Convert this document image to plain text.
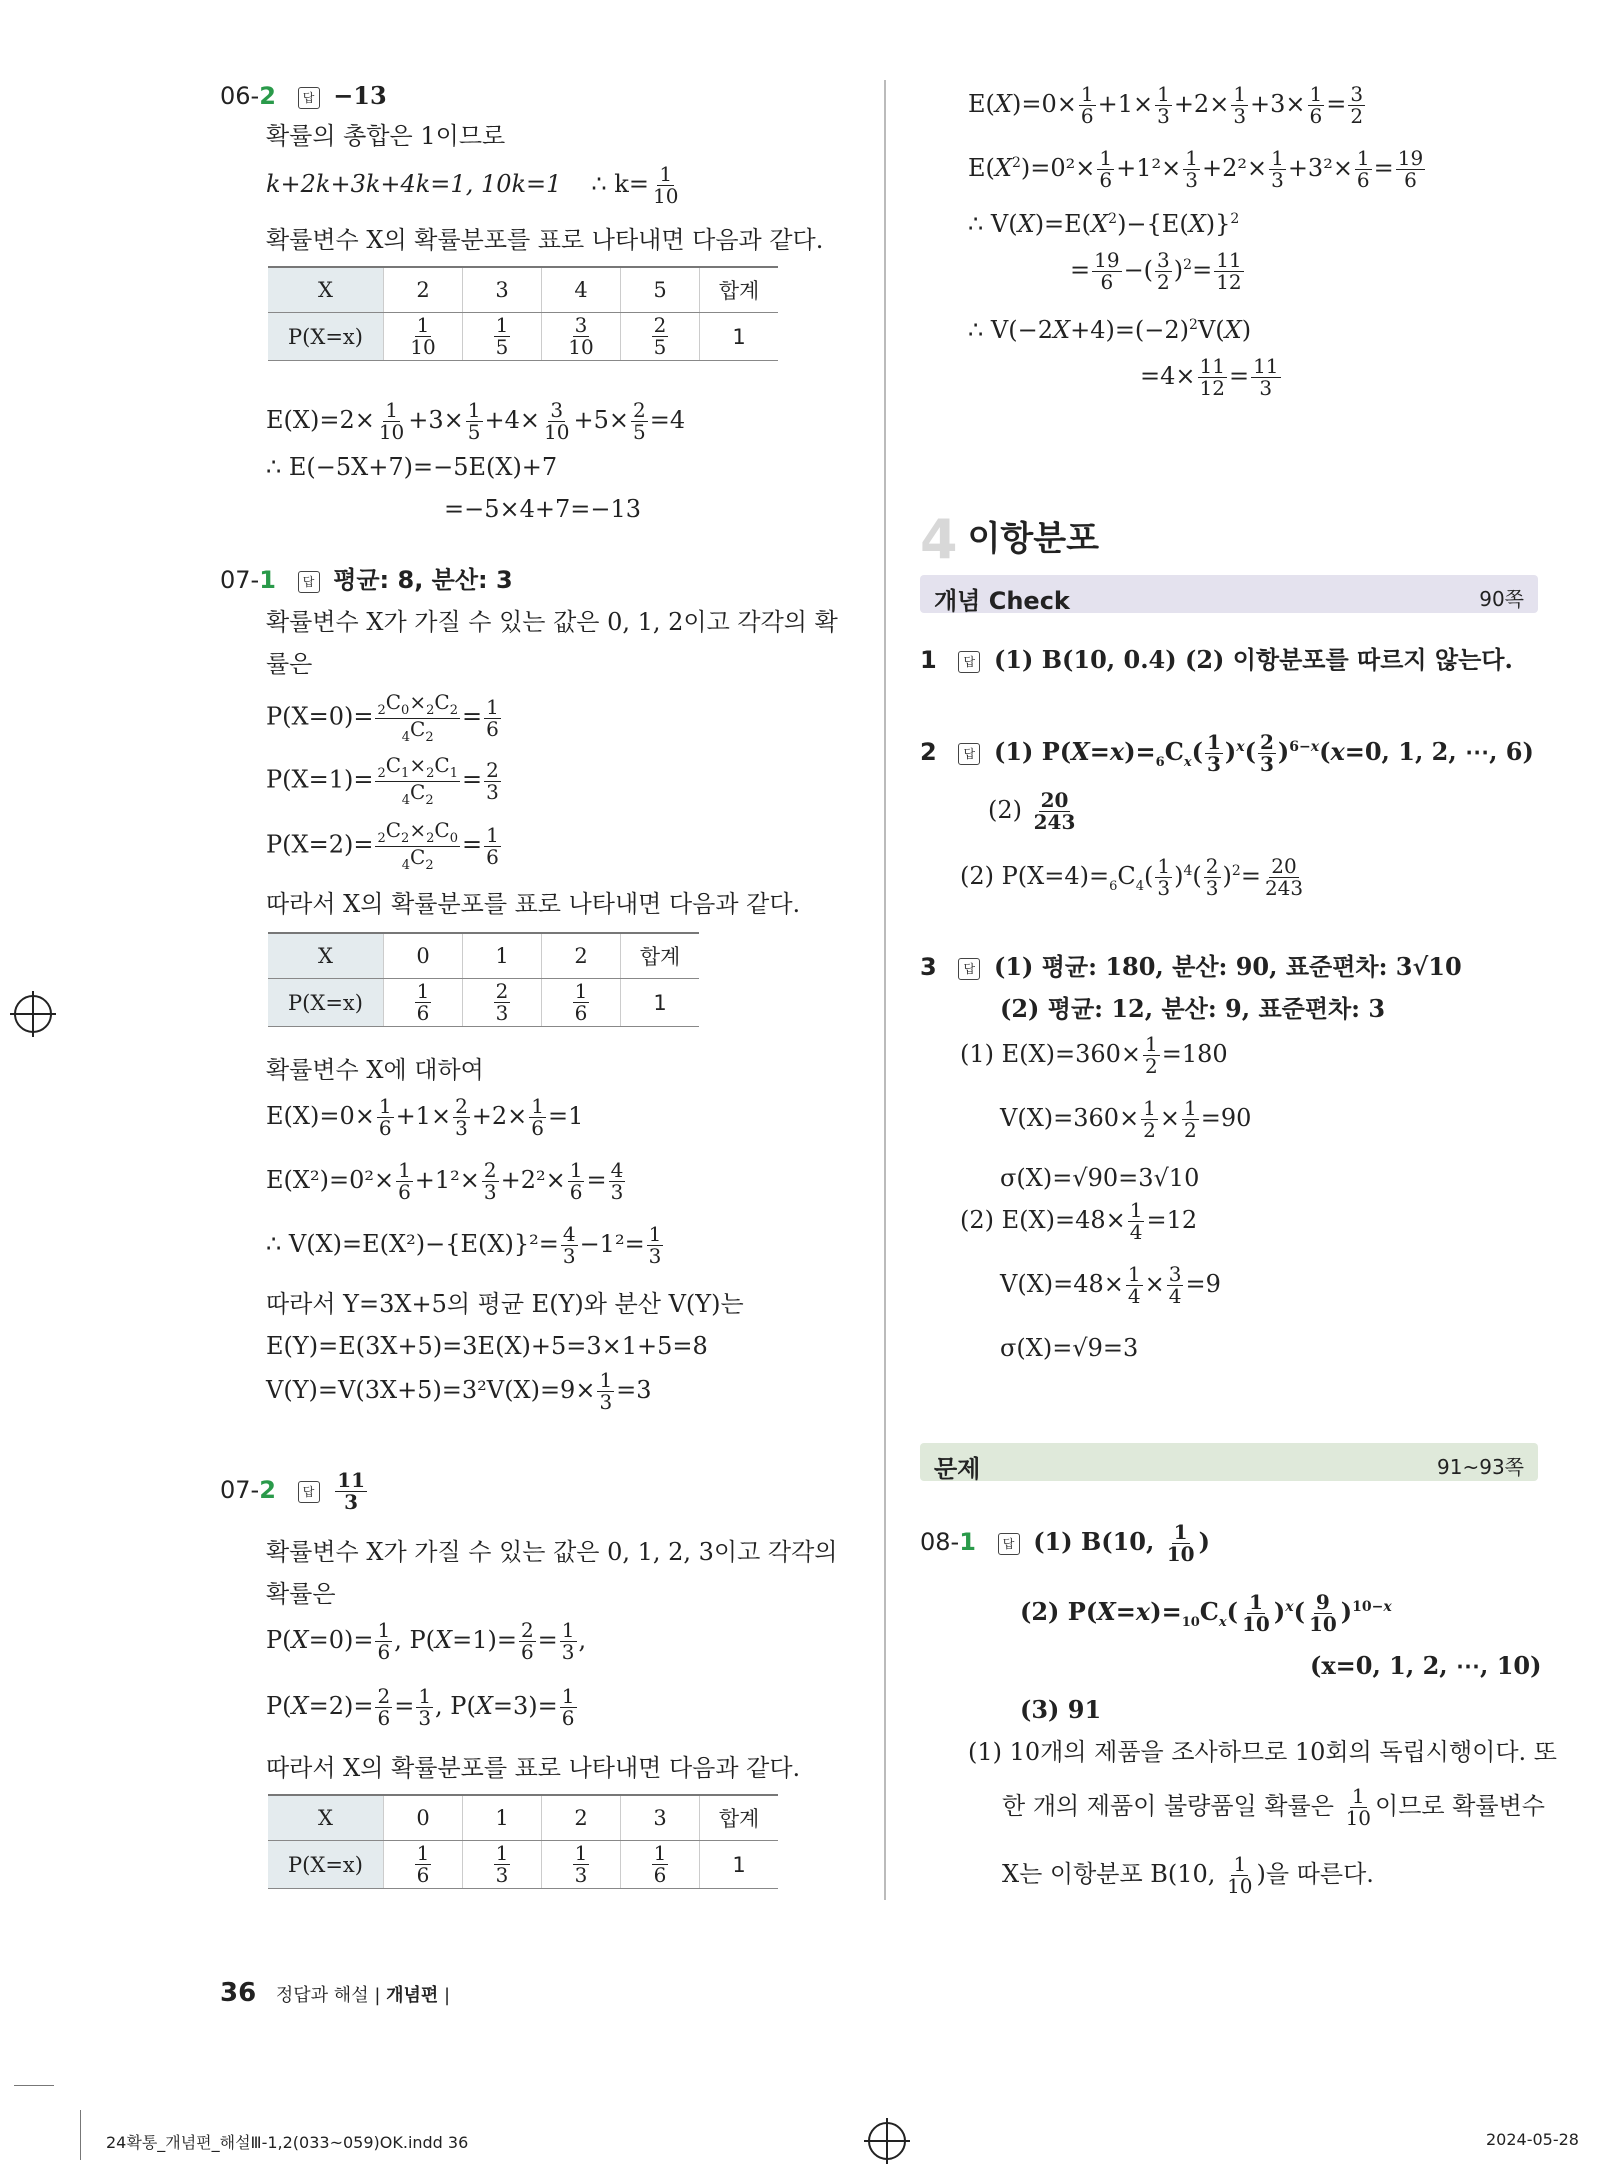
06-2 답 −13
확률의 총합은 1이므로
k+2k+3k+4k=1, 10k=1 ∴ $k= \frac{1}{10}$
확률변수 X의 확률분포를 표로 나타내면 다음과 같다.
X	2	3	4	5	합계
P(X=x)	$\frac{1}{10}$	$\frac{1}{5}$	$\frac{3}{10}$	$\frac{2}{5}$	1
$E(X)=2\times \frac{1}{10} +3\times \frac{1}{5} +4\times \frac{3}{10} +5\times \frac{2}{5} =4$
∴ E(−5X+7)=−5E(X)+7
=−5×4+7=−13
07-1 답 평균: 8, 분산: 3
확률변수 X가 가질 수 있는 값은 0, 1, 2이고 각각의 확
률은
$P(X=0)= \frac{_2C_0\times_2C_2}{_4C_2} = \frac{1}{6}$
$P(X=1)= \frac{_2C_1\times_2C_1}{_4C_2} = \frac{2}{3}$
$P(X=2)= \frac{_2C_2\times_2C_0}{_4C_2} = \frac{1}{6}$
따라서 X의 확률분포를 표로 나타내면 다음과 같다.
X	0	1	2	합계
P(X=x)	$\frac{1}{6}$	$\frac{2}{3}$	$\frac{1}{6}$	1
확률변수 X에 대하여
$E(X)=0\times \frac{1}{6} +1\times \frac{2}{3} +2\times \frac{1}{6} =1$
$E(X^2)=0^2\times \frac{1}{6} +1^2\times \frac{2}{3} +2^2\times \frac{1}{6} = \frac{4}{3}$
∴ $V(X)=E(X^2)-\{E(X)\}^2= \frac{4}{3} -1^2= \frac{1}{3}$
따라서 Y=3X+5의 평균 E(Y)와 분산 V(Y)는
E(Y)=E(3X+5)=3E(X)+5=3×1+5=8
$V(Y)=V(3X+5)=3^2V(X)=9\times \frac{1}{3} =3$
07-2 답 $\frac{11}{3}$
확률변수 X가 가질 수 있는 값은 0, 1, 2, 3이고 각각의
확률은
$P(X=0)= \frac{1}{6}$ , $P(X=1)= \frac{2}{6} = \frac{1}{3}$ ,
$P(X=2)= \frac{2}{6} = \frac{1}{3}$ , $P(X=3)= \frac{1}{6}$
따라서 X의 확률분포를 표로 나타내면 다음과 같다.
X	0	1	2	3	합계
P(X=x)	$\frac{1}{6}$	$\frac{1}{3}$	$\frac{1}{3}$	$\frac{1}{6}$	1
$E(X)=0\times \frac{1}{6} +1\times \frac{1}{3} +2\times \frac{1}{3} +3\times \frac{1}{6} = \frac{3}{2}$
$E(X^2)=0^2\times \frac{1}{6} +1^2\times \frac{1}{3} +2^2\times \frac{1}{3} +3^2\times \frac{1}{6} = \frac{19}{6}$
∴ $V(X)=E(X^2)-\{E(X)\}^2$
= $\frac{19}{6}$ −( $\frac{3}{2} )^2= \frac{11}{12}$
∴ $V(-2X+4)=(-2)^2V(X)$
$=4\times \frac{11}{12} = \frac{11}{3}$
4 이항분포
개념 Check	90쪽
1 답 (1) B(10, 0.4) (2) 이항분포를 따르지 않는다.
2 답 (1) $P(X=x)=_6C_x( \frac{1}{3} )^x( \frac{2}{3} )^{6-x}(x=0$, 1, 2, ⋯, 6)
$(2) \frac{20}{243}$
(2) $P(X=4)=_6C_4( \frac{1}{3} )^4( \frac{2}{3} )^2= \frac{20}{243}$
3 답 (1) 평균: 180, 분산: 90, 표준편차: 3√10
(2) 평균: 12, 분산: 9, 표준편차: 3
(1) $E(X)=360\times \frac{1}{2} =180$
$V(X)=360\times \frac{1}{2} \times \frac{1}{2} =90$
σ(X)=√90=3√10
(2) $E(X)=48\times \frac{1}{4} =12$
$V(X)=48\times \frac{1}{4} \times \frac{3}{4} =9$
σ(X)=√9=3
문제	91~93쪽
08-1 답 (1) B(10, $\frac{1}{10}$ )
(2) $P(X=x)=_{10}C_x( \frac{1}{10} )^x( \frac{9}{10} )^{10-x}$
(x=0, 1, 2, ⋯, 10)
(3) 91
(1) 10개의 제품을 조사하므로 10회의 독립시행이다. 또
한 개의 제품이 불량품일 확률은 $\frac{1}{10}$ 이므로 확률변수
X는 이항분포 B(10, $\frac{1}{10}$ )을 따른다.
36 정답과 해설 | 개념편 |
24확통_개념편_해설Ⅲ-1,2(033~059)OK.indd 36	2024-05-28
